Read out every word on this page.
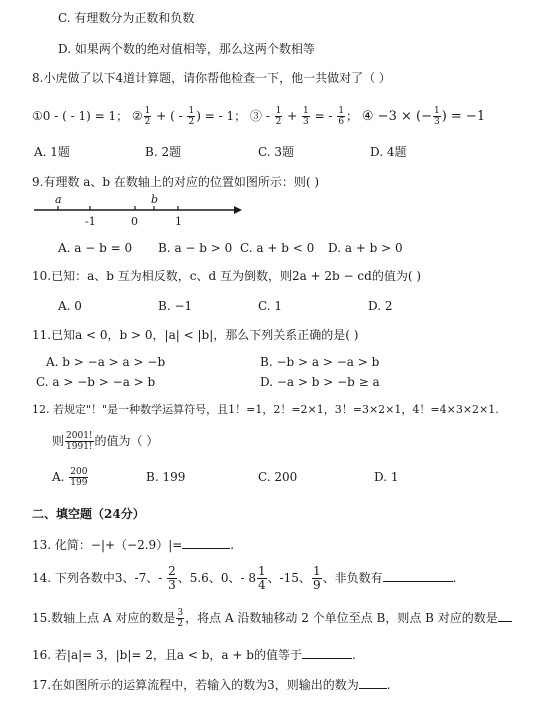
C. 有理数分为正数和负数
D. 如果两个数的绝对值相等，那么这两个数相等
8.小虎做了以下4道计算题，请你帮他检查一下，他一共做对了（ ）
①0 - ( - 1) = 1； ② $\frac{1}{2}$ + ( - $\frac{1}{2}$ ) = - 1； ③ - $\frac{1}{2} + \frac{1}{3}$ = - $\frac{1}{6}$ ； ④ −3 × (− $\frac{1}{3}$ ) = −1
A. 1题	B. 2题	C. 3题	D. 4题
9.有理数 a、b 在数轴上的对应的位置如图所示：则( )
a	b
-1	0	1
A. a − b = 0 B. a − b > 0 C. a + b < 0 D. a + b > 0
10.已知：a、b 互为相反数，c、d 互为倒数，则2a + 2b − cd的值为( )
A. 0	B. −1	C. 1	D. 2
11.已知a < 0，b > 0，|a| < |b|，那么下列关系正确的是( )
A. b > −a > a > −b	B. −b > a > −a > b
C. a > −b > −a > b	D. −a > b > −b ≥ a
12. 若规定"！"是一种数学运算符号，且1！=1，2！=2×1，3！=3×2×1，4！=4×3×2×1.
则 $\frac{2001!}{1991!}$ 的值为（ ）
A. $\frac{200}{199}$	B. 199	C. 200	D. 1
二、填空题（24分）
13. 化简：−|+（−2.9）|=	.
14. 下列各数中3、-7、- $\frac{2}{3}$ 、5.6、0、- $8 \frac{1}{4}$ 、-15、 $\frac{1}{9}$ 、非负数有	.
15.数轴上点 A 对应的数是 $\frac{3}{2}$ ，将点 A 沿数轴移动 2 个单位至点 B，则点 B 对应的数是
16. 若|a|= 3，|b|= 2，且a < b，a + b的值等于	.
17.在如图所示的运算流程中，若输入的数为3，则输出的数为 .
